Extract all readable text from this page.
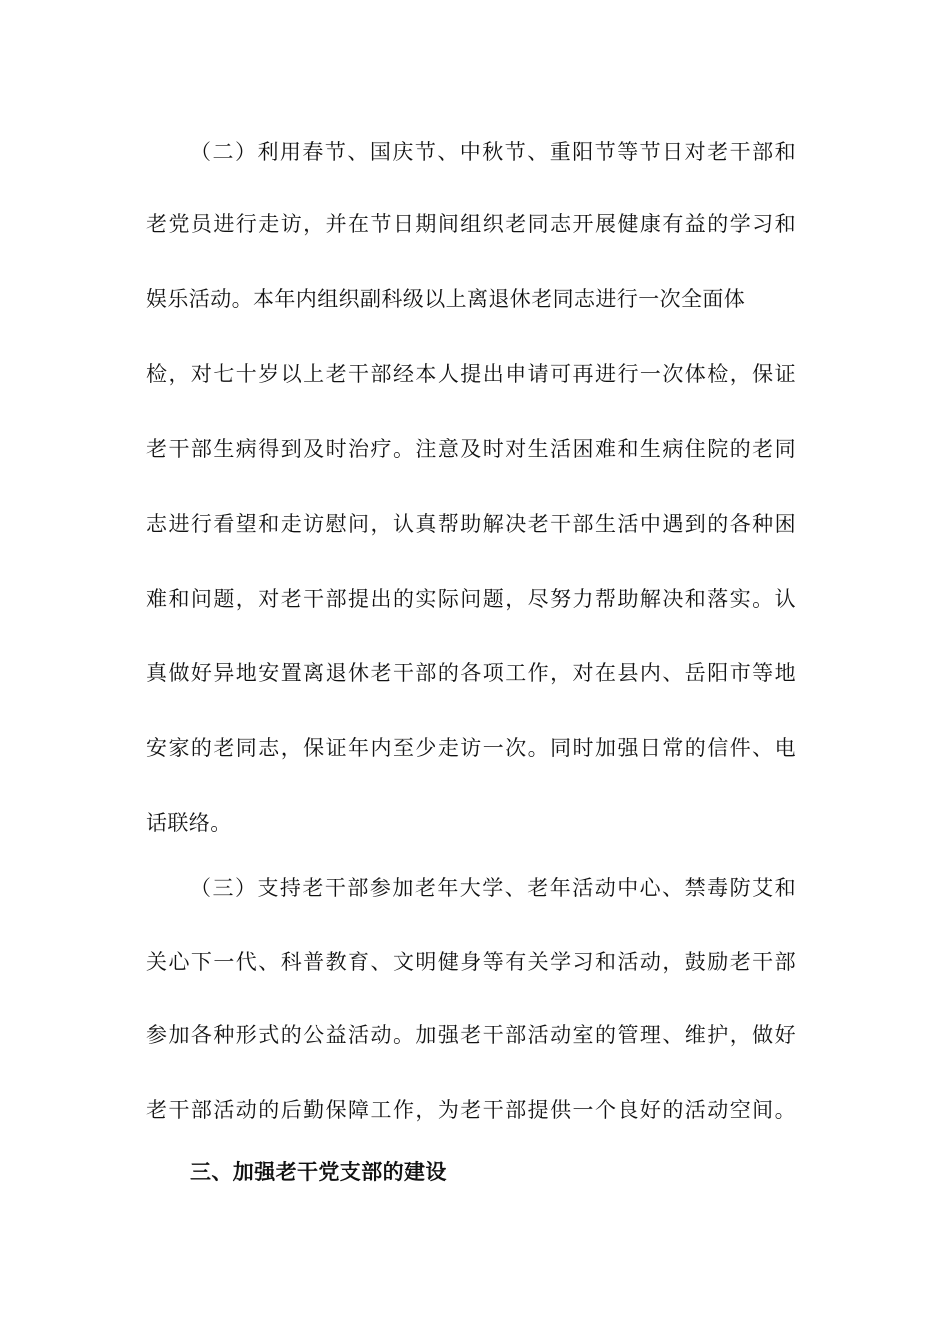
（二）利用春节、国庆节、中秋节、重阳节等节日对老干部和
老党员进行走访，并在节日期间组织老同志开展健康有益的学习和
娱乐活动。本年内组织副科级以上离退休老同志进行一次全面体
检，对七十岁以上老干部经本人提出申请可再进行一次体检，保证
老干部生病得到及时治疗。注意及时对生活困难和生病住院的老同
志进行看望和走访慰问，认真帮助解决老干部生活中遇到的各种困
难和问题，对老干部提出的实际问题，尽努力帮助解决和落实。认
真做好异地安置离退休老干部的各项工作，对在县内、岳阳市等地
安家的老同志，保证年内至少走访一次。同时加强日常的信件、电
话联络。
（三）支持老干部参加老年大学、老年活动中心、禁毒防艾和
关心下一代、科普教育、文明健身等有关学习和活动，鼓励老干部
参加各种形式的公益活动。加强老干部活动室的管理、维护，做好
老干部活动的后勤保障工作，为老干部提供一个良好的活动空间。
三、加强老干党支部的建设
